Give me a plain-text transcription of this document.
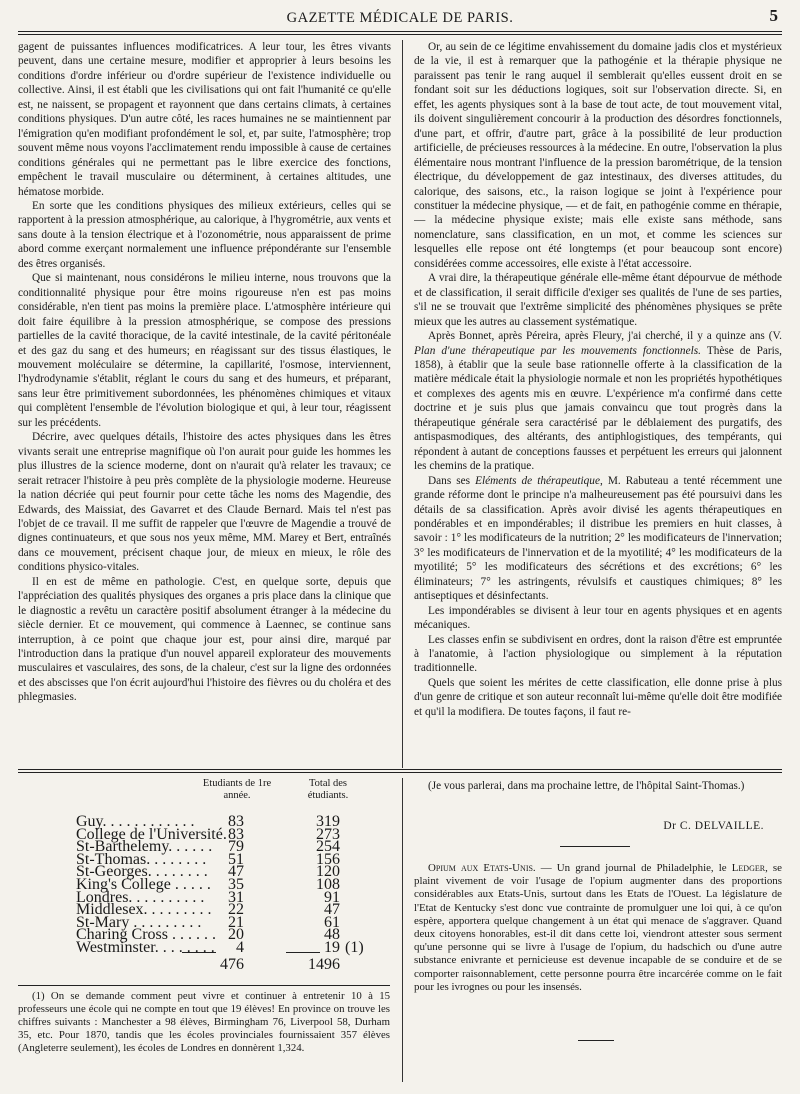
GAZETTE MÉDICALE DE PARIS.	5

gagent de puissantes influences modificatrices. A leur tour, les êtres vivants peuvent, dans une certaine mesure, modifier et approprier à leurs besoins les conditions d'ordre inférieur ou d'ordre supérieur de l'existence individuelle ou collective. Ainsi, il est établi que les civilisations qui ont fait l'humanité ce qu'elle est, ne naissent, se propagent et rayonnent que dans certains climats, à certaines conditions physiques. D'un autre côté, les races humaines ne se maintiennent par l'émigration qu'en modifiant profondément le sol, et, par suite, l'atmosphère; trop souvent même nous voyons l'acclimatement rendu impossible à cause de certaines conditions générales qui ne permettant pas le libre exercice des fonctions, empêchent le travail musculaire ou déterminent, à certaines altitudes, une hématose morbide.

En sorte que les conditions physiques des milieux extérieurs, celles qui se rapportent à la pression atmosphérique, au calorique, à l'hygrométrie, aux vents et sans doute à la tension électrique et à l'ozonométrie, nous apparaissent de prime abord comme exerçant normalement une influence prépondérante sur l'ensemble des êtres organisés.

Que si maintenant, nous considérons le milieu interne, nous trouvons que la conditionnalité physique pour être moins rigoureuse n'en est pas moins considérable, n'en tient pas moins la première place. L'atmosphère intérieure qui doit faire équilibre à la pression atmosphérique, se compose des pressions partielles de la cavité thoracique, de la cavité intestinale, de la cavité péritonéale et des gaz du sang et des humeurs; en réagissant sur des tissus élastiques, le mouvement moléculaire se détermine, la capillarité, l'osmose, interviennent, l'hydrodynamie s'établit, réglant le cours du sang et des humeurs, et préparant, sans leur être primitivement subordonnées, les phénomènes chimiques et vitaux qui complètent l'ensemble de l'évolution biologique et qui, à leur tour, réagissent sur les précédents.

Décrire, avec quelques détails, l'histoire des actes physiques dans les êtres vivants serait une entreprise magnifique où l'on aurait pour guide les hommes les plus illustres de la science moderne, dont on n'aurait qu'à relater les travaux; ce serait retracer l'histoire à peu près complète de la physiologie moderne. Heureuse la nation décriée qui peut fournir pour cette tâche les noms des Magendie, des Edwards, des Maissiat, des Gavarret et des Claude Bernard. Mais tel n'est pas l'objet de ce travail. Il me suffit de rappeler que l'œuvre de Magendie a trouvé de dignes continuateurs, et que sous nos yeux même, MM. Marey et Bert, entraînés dans ce mouvement, précisent chaque jour, de mieux en mieux, le rôle des conditions physico-vitales.

Il en est de même en pathologie. C'est, en quelque sorte, depuis que l'appréciation des qualités physiques des organes a pris place dans la clinique que le diagnostic a revêtu un caractère positif absolument étranger à la médecine du siècle dernier. Et ce mouvement, qui commence à Laennec, se continue sans interruption, à ce point que chaque jour est, pour ainsi dire, marqué par l'introduction dans la pratique d'un nouvel appareil explorateur des mouvements musculaires et vasculaires, des sons, de la chaleur, c'est sur la ligne des ordonnées et des abscisses que l'on écrit aujourd'hui l'histoire des fièvres ou du choléra et des phlegmasies.

Or, au sein de ce légitime envahissement du domaine jadis clos et mystérieux de la vie, il est à remarquer que la pathogénie et la thérapie physique ne paraissent pas tenir le rang auquel il semblerait qu'elles eussent droit en se fondant soit sur les déductions logiques, soit sur l'observation directe. Si, en effet, les agents physiques sont à la base de tout acte, de tout mouvement vital, ils doivent singulièrement concourir à la production des désordres fonctionnels, d'une part, et offrir, d'autre part, grâce à la possibilité de leur production artificielle, de précieuses ressources à la médecine. En outre, l'observation la plus élémentaire nous montrant l'influence de la pression barométrique, de la tension électrique, du développement de gaz intestinaux, des diverses attitudes, du calorique, des saisons, etc., la raison logique se joint à l'expérience pour constituer la médecine physique, — et de fait, en pathogénie comme en thérapie, — la médecine physique existe; mais elle existe sans méthode, sans nomenclature, sans classification, en un mot, et comme les sciences sur lesquelles elle repose ont été longtemps (et pour beaucoup sont encore) considérées comme accessoires, elle existe à l'état accessoire.

A vrai dire, la thérapeutique générale elle-même étant dépourvue de méthode et de classification, il serait difficile d'exiger ses qualités de l'une de ses parties, s'il ne se trouvait que l'extrême simplicité des phénomènes physiques se prête mieux que les autres au classement systématique.

Après Bonnet, après Péreira, après Fleury, j'ai cherché, il y a quinze ans (V. Plan d'une thérapeutique par les mouvements fonctionnels. Thèse de Paris, 1858), à établir que la seule base rationnelle offerte à la classification de la matière médicale était la physiologie normale et non les propriétés hypothétiques et complexes des agents mis en œuvre. L'expérience m'a confirmé dans cette doctrine et je suis plus que jamais convaincu que tout progrès dans la thérapeutique générale sera caractérisé par le déblaiement des purgatifs, des antispasmodiques, des altérants, des antiphlogistiques, des tempérants, qui répondent à autant de conceptions fausses et perpétuent les erreurs qui jalonnent les chemins de la pratique.

Dans ses Eléments de thérapeutique, M. Rabuteau a tenté récemment une grande réforme dont le principe n'a malheureusement pas été poursuivi dans les détails de sa classification. Après avoir divisé les agents thérapeutiques en pondérables et en impondérables; il distribue les premiers en huit classes, à savoir : 1° les modificateurs de la nutrition; 2° les modificateurs de l'innervation; 3° les modificateurs de l'innervation et de la myotilité; 4° les modificateurs de la myotilité; 5° les modificateurs des sécrétions et des excrétions; 6° les éliminateurs; 7° les astringents, révulsifs et caustiques chimiques; 8° les antiseptiques et désinfectants.

Les impondérables se divisent à leur tour en agents physiques et en agents mécaniques.

Les classes enfin se subdivisent en ordres, dont la raison d'être est empruntée à l'anatomie, à l'action physiologique ou simplement à la réputation traditionnelle.

Quels que soient les mérites de cette classification, elle donne prise à plus d'un genre de critique et son auteur reconnaît lui-même qu'elle doit être modifiée et qu'il la modifiera. De toutes façons, il faut re-

Etudiants de 1re année.
Total des étudiants.
Guy. . . . . . . . . . . .	83	319
College de l'Université. 83	273
St-Barthelemy. . . . . . 79	254
St-Thomas. . . . . . . .	51	156
St-Georges. . . . . . . .	47	120
King's College . . . . .	35	108
Londres. . . . . . . . . .	31	91
Middlesex. . . . . . . . .	22	47
St-Mary . . . . . . . . .	21	61
Charing Cross . . . . . . 20	48
Westminster. . . . . . . .	4	19 (1)
476	1496

(1) On se demande comment peut vivre et continuer à entretenir 10 à 15 professeurs une école qui ne compte en tout que 19 élèves! En province on trouve les chiffres suivants : Manchester a 98 élèves, Birmingham 76, Liverpool 58, Durham 35, etc. Pour 1870, tandis que les écoles provinciales fournissaient 357 élèves (Angleterre seulement), les écoles de Londres en donnèrent 1,324.

(Je vous parlerai, dans ma prochaine lettre, de l'hôpital Saint-Thomas.)

Dr C. DELVAILLE.

Opium aux Etats-Unis. — Un grand journal de Philadelphie, le Ledger, se plaint vivement de voir l'usage de l'opium augmenter dans des proportions considérables aux Etats-Unis, surtout dans les Etats de l'Ouest. La législature de l'Etat de Kentucky s'est donc vue contrainte de promulguer une loi qui, à ce qu'on espère, apportera quelque changement à un état qui menace de s'aggraver. Quand deux citoyens honorables, est-il dit dans cette loi, viendront attester sous serment qu'une personne qui se livre à l'usage de l'opium, du hadschich ou d'une autre substance enivrante et pernicieuse est devenue incapable de se conduire et de se comporter raisonnablement, cette personne pourra être incarcérée comme on le fait pour les ivrognes ou pour les insensés.
